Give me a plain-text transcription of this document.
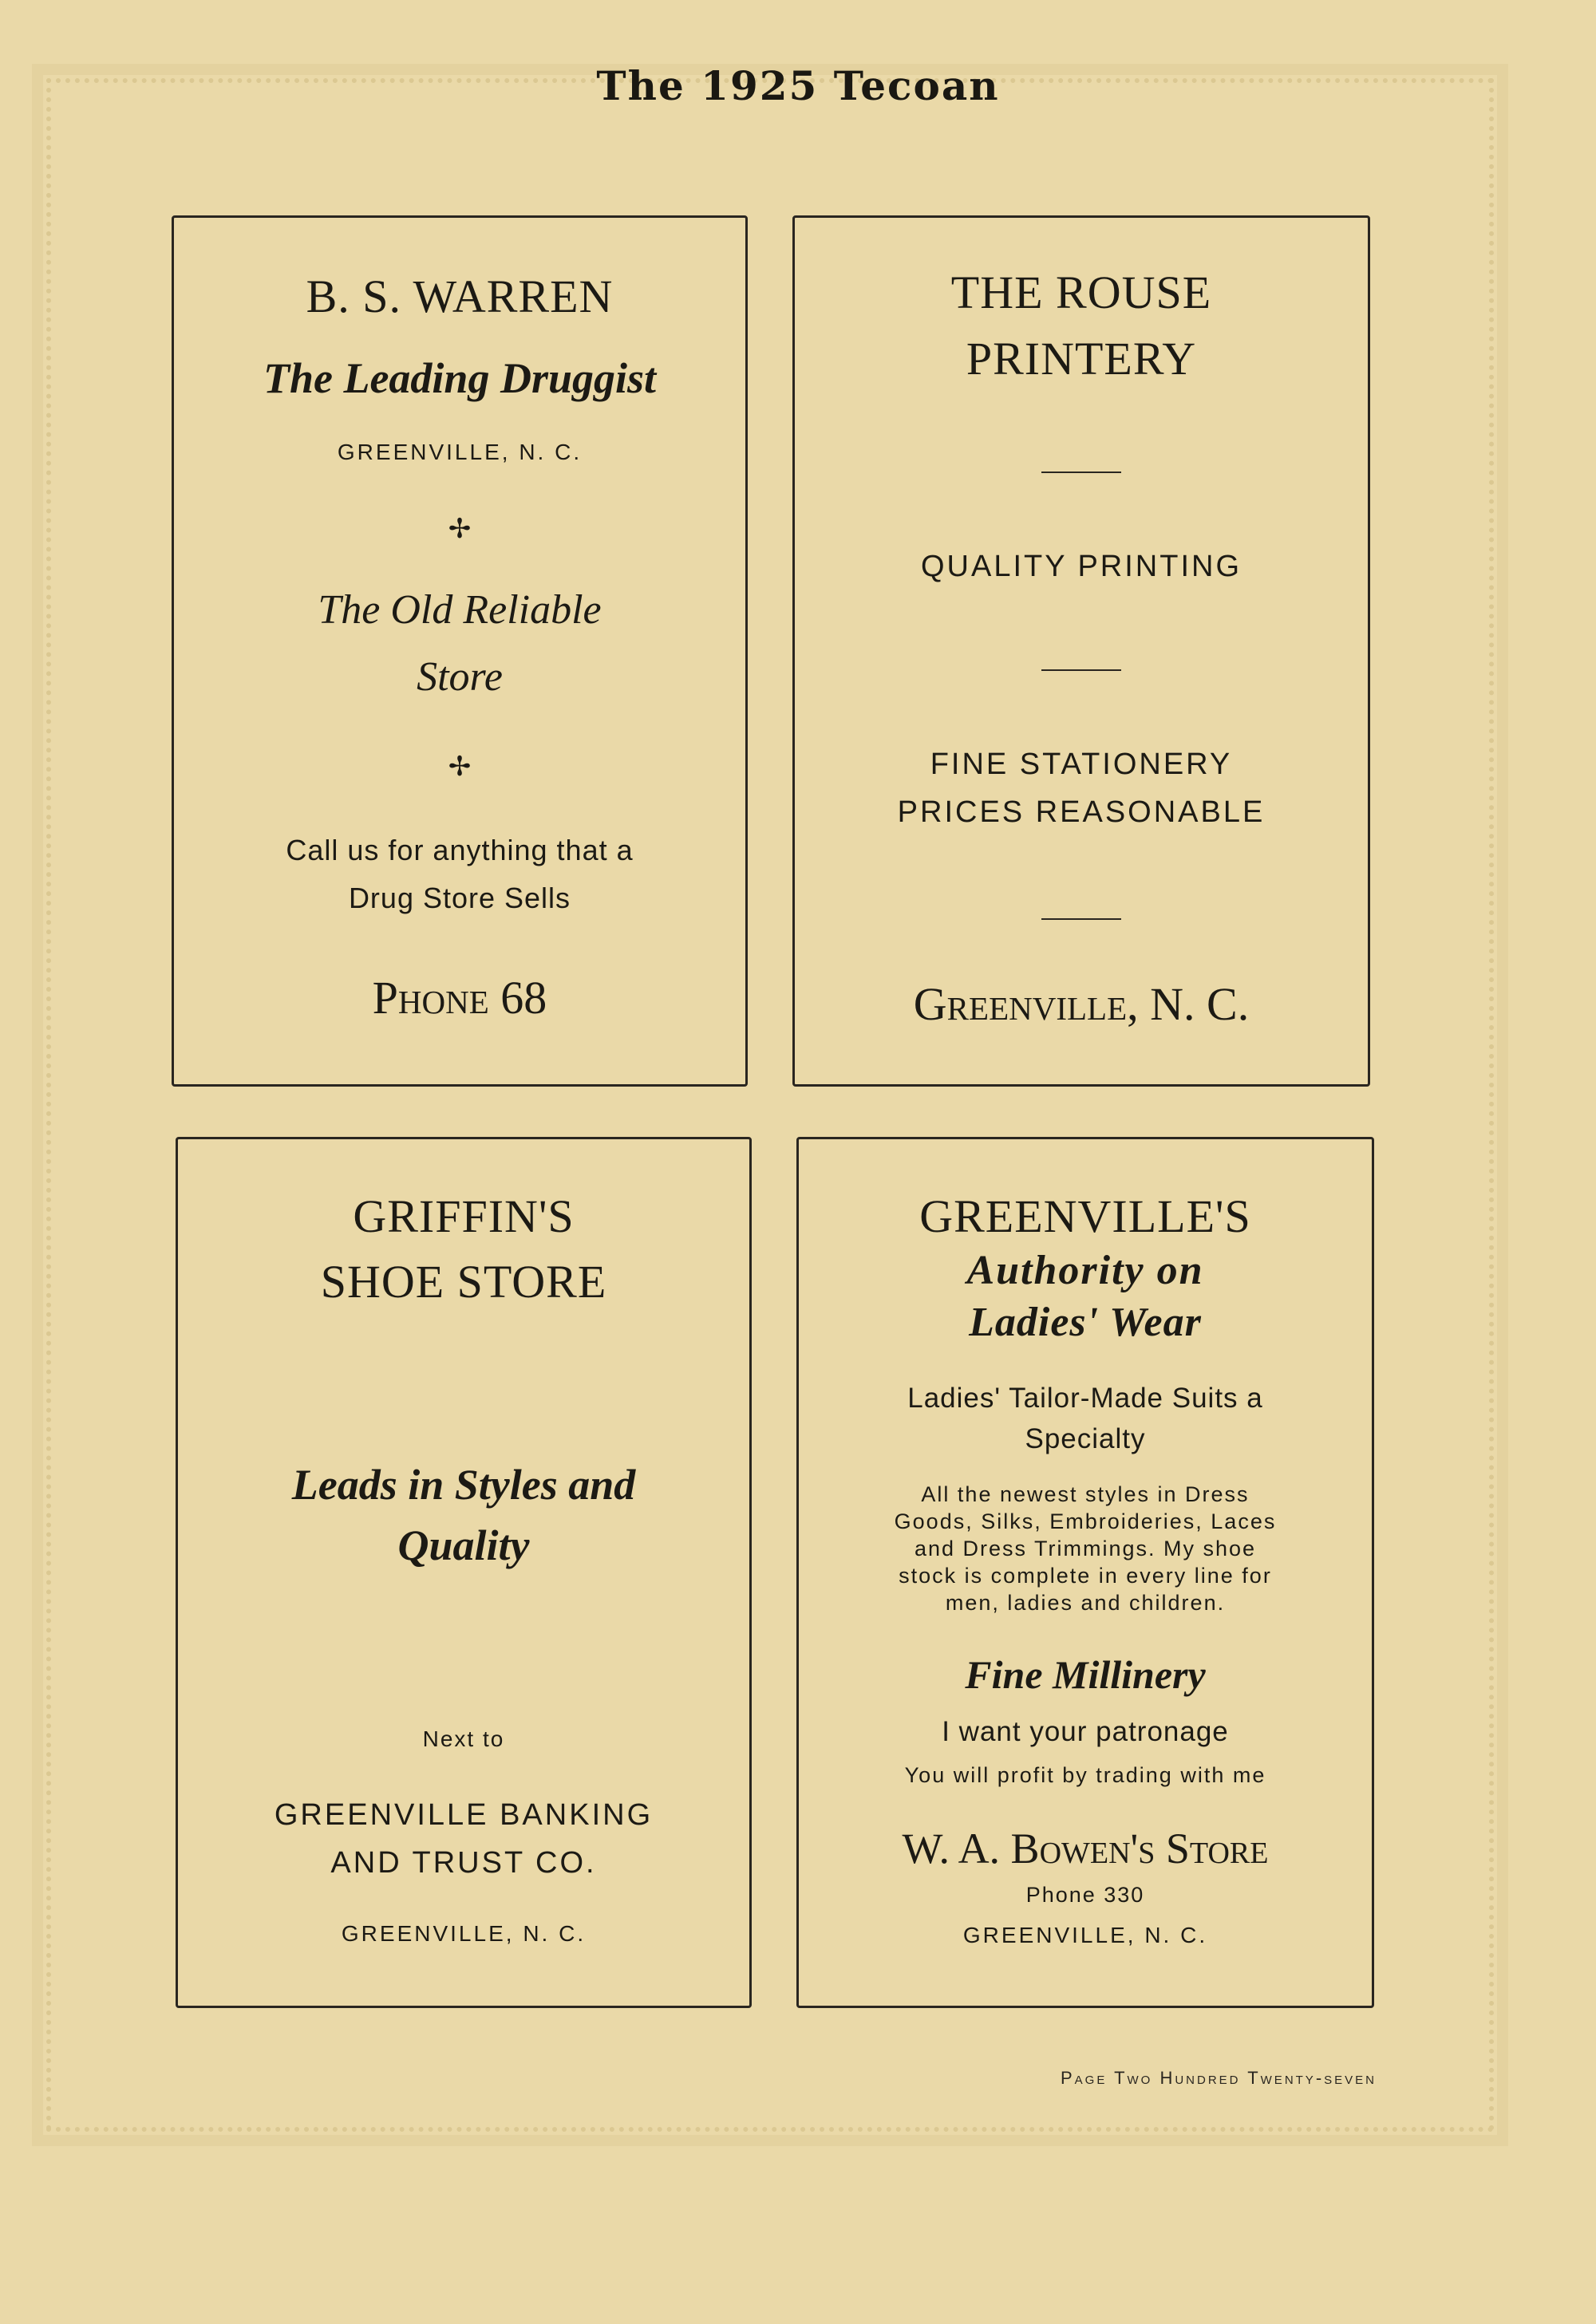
The 1925 Tecoan
B. S. WARREN
The Leading Druggist
GREENVILLE, N. C.
✢
The Old Reliable
Store
✢
Call us for anything that a
Drug Store Sells
Phone 68
THE ROUSE
PRINTERY
QUALITY PRINTING
FINE STATIONERY
PRICES REASONABLE
Greenville, N. C.
GRIFFIN'S
SHOE STORE
Leads in Styles and
Quality
Next to
GREENVILLE BANKING
AND TRUST CO.
GREENVILLE, N. C.
GREENVILLE'S
Authority on
Ladies' Wear
Ladies' Tailor-Made Suits a
Specialty
All the newest styles in Dress
Goods, Silks, Embroideries, Laces
and Dress Trimmings. My shoe
stock is complete in every line for
men, ladies and children.
Fine Millinery
I want your patronage
You will profit by trading with me
W. A. Bowen's Store
Phone 330
GREENVILLE, N. C.
Page Two Hundred Twenty-seven
